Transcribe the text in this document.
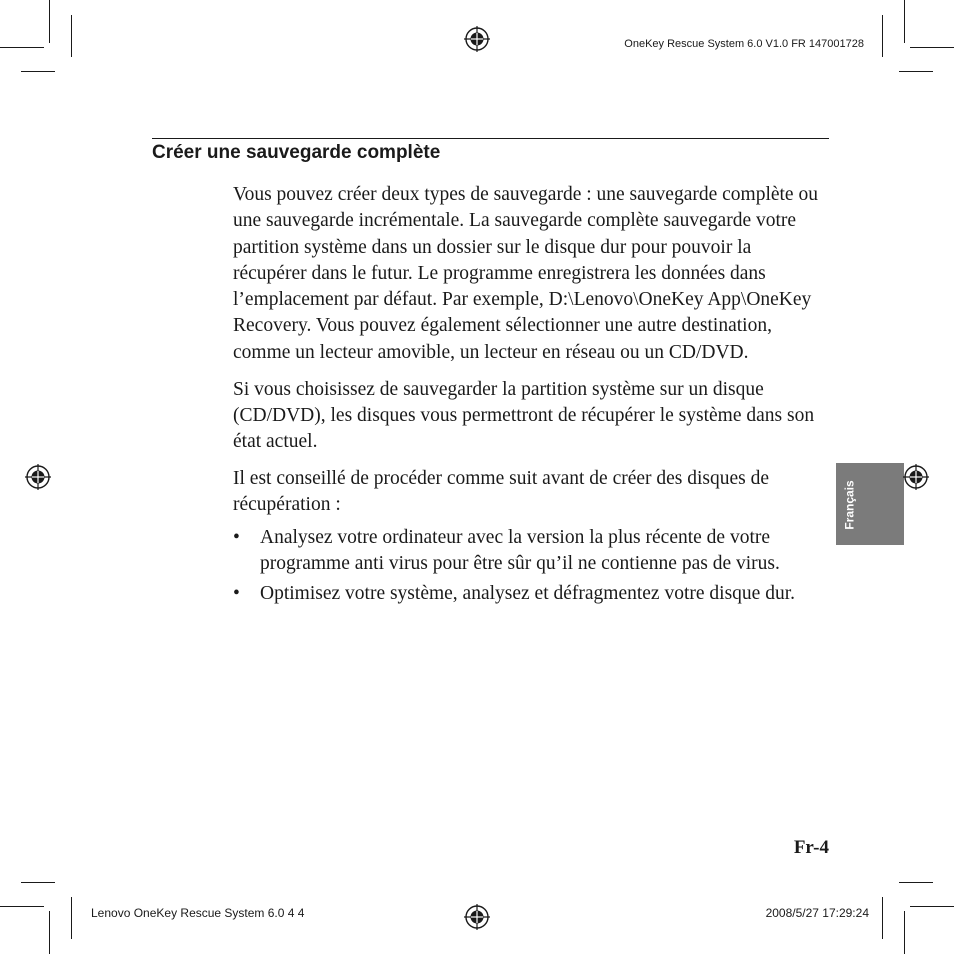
OneKey Rescue System 6.0 V1.0 FR 147001728
Créer une sauvegarde complète

Vous pouvez créer deux types de sauvegarde : une sauvegarde complète ou une sauvegarde incrémentale. La sauvegarde complète sauvegarde votre partition système dans un dossier sur le disque dur pour pouvoir la récupérer dans le futur. Le programme enregistrera les données dans l’emplacement par défaut. Par exemple, D:\Lenovo\OneKey App\OneKey Recovery. Vous pouvez également sélectionner une autre destination, comme un lecteur amovible, un lecteur en réseau ou un CD/DVD.

Si vous choisissez de sauvegarder la partition système sur un disque (CD/DVD), les disques vous permettront de récupérer le système dans son état actuel.

Il est conseillé de procéder comme suit avant de créer des disques de récupération :

• Analysez votre ordinateur avec la version la plus récente de votre programme anti virus pour être sûr qu’il ne contienne pas de virus.
• Optimisez votre système, analysez et défragmentez votre disque dur.
Français
Fr-4
Lenovo OneKey Rescue System 6.0 4 4	2008/5/27 17:29:24
